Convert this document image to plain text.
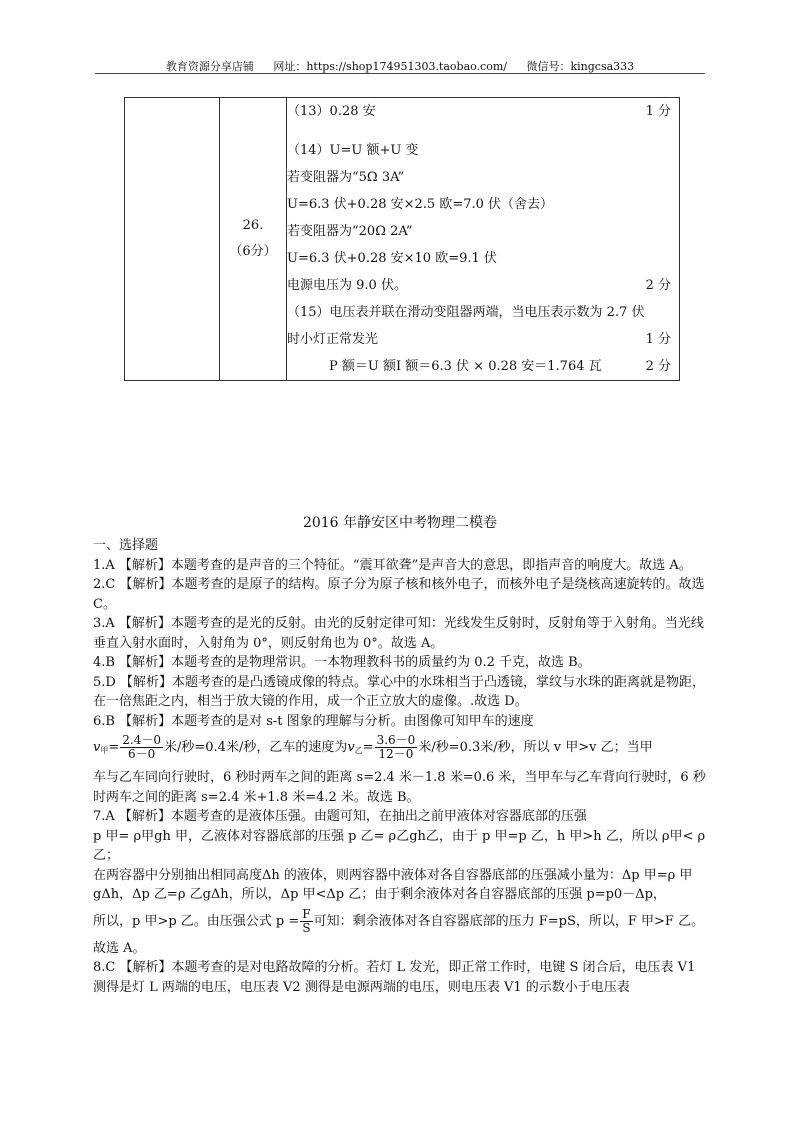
教育资源分享店铺 网址：https://shop174951303.taobao.com/ 微信号：kingcsa333

26.
（6分）

（13）0.28 安	1 分
（14）U=U 额+U 变
若变阻器为“5Ω 3A”
U=6.3 伏+0.28 安×2.5 欧=7.0 伏（舍去）
若变阻器为“20Ω 2A”
U=6.3 伏+0.28 安×10 欧=9.1 伏
电源电压为 9.0 伏。	2 分
（15）电压表并联在滑动变阻器两端，当电压表示数为 2.7 伏
时小灯正常发光	1 分
P 额＝U 额I 额＝6.3 伏 × 0.28 安＝1.764 瓦	2 分
2016 年静安区中考物理二模卷

一、选择题

1.A 【解析】本题考查的是声音的三个特征。“震耳欲聋”是声音大的意思，即指声音的响度大。故选 A。

2.C 【解析】本题考查的是原子的结构。原子分为原子核和核外电子，而核外电子是绕核高速旋转的。故选 C。

3.A 【解析】本题考查的是光的反射。由光的反射定律可知：光线发生反射时，反射角等于入射角。当光线垂直入射水面时，入射角为 0°，则反射角也为 0°。故选 A。

4.B 【解析】本题考查的是物理常识。一本物理教科书的质量约为 0.2 千克，故选 B。

5.D 【解析】本题考查的是凸透镜成像的特点。掌心中的水珠相当于凸透镜，掌纹与水珠的距离就是物距，在一倍焦距之内，相当于放大镜的作用，成一个正立放大的虚像。.故选 D。

6.B 【解析】本题考查的是对 s-t 图象的理解与分析。由图像可知甲车的速度

$v_甲= \frac{2.4-0}{6-0}$ 米/秒=0.4米/秒，乙车的速度为$v_乙= \frac{3.6-0}{12-0}$ 米/秒=0.3米/秒，所以 v 甲>v 乙；当甲

车与乙车同向行驶时，6 秒时两车之间的距离 s=2.4 米－1.8 米=0.6 米，当甲车与乙车背向行驶时，6 秒时两车之间的距离 s=2.4 米+1.8 米=4.2 米。故选 B。

7.A 【解析】本题考查的是液体压强。由题可知，在抽出之前甲液体对容器底部的压强

p 甲= ρ甲gh 甲，乙液体对容器底部的压强 p 乙= ρ乙gh乙，由于 p 甲=p 乙，h 甲>h 乙，所以 ρ甲< ρ乙；

在两容器中分别抽出相同高度Δh 的液体，则两容器中液体对各自容器底部的压强减小量为：Δp 甲=ρ 甲gΔh，Δp 乙=ρ 乙gΔh，所以，Δp 甲<Δp 乙；由于剩余液体对各自容器底部的压强 p=p0－Δp，

所以，p 甲>p 乙。由压强公式 $p = \frac{F}{S}$ 可知：剩余液体对各自容器底部的压力 F=pS，所以，F 甲>F 乙。

故选 A。

8.C 【解析】本题考查的是对电路故障的分析。若灯 L 发光，即正常工作时，电键 S 闭合后，电压表 V1 测得是灯 L 两端的电压，电压表 V2 测得是电源两端的电压，则电压表 V1 的示数小于电压表
